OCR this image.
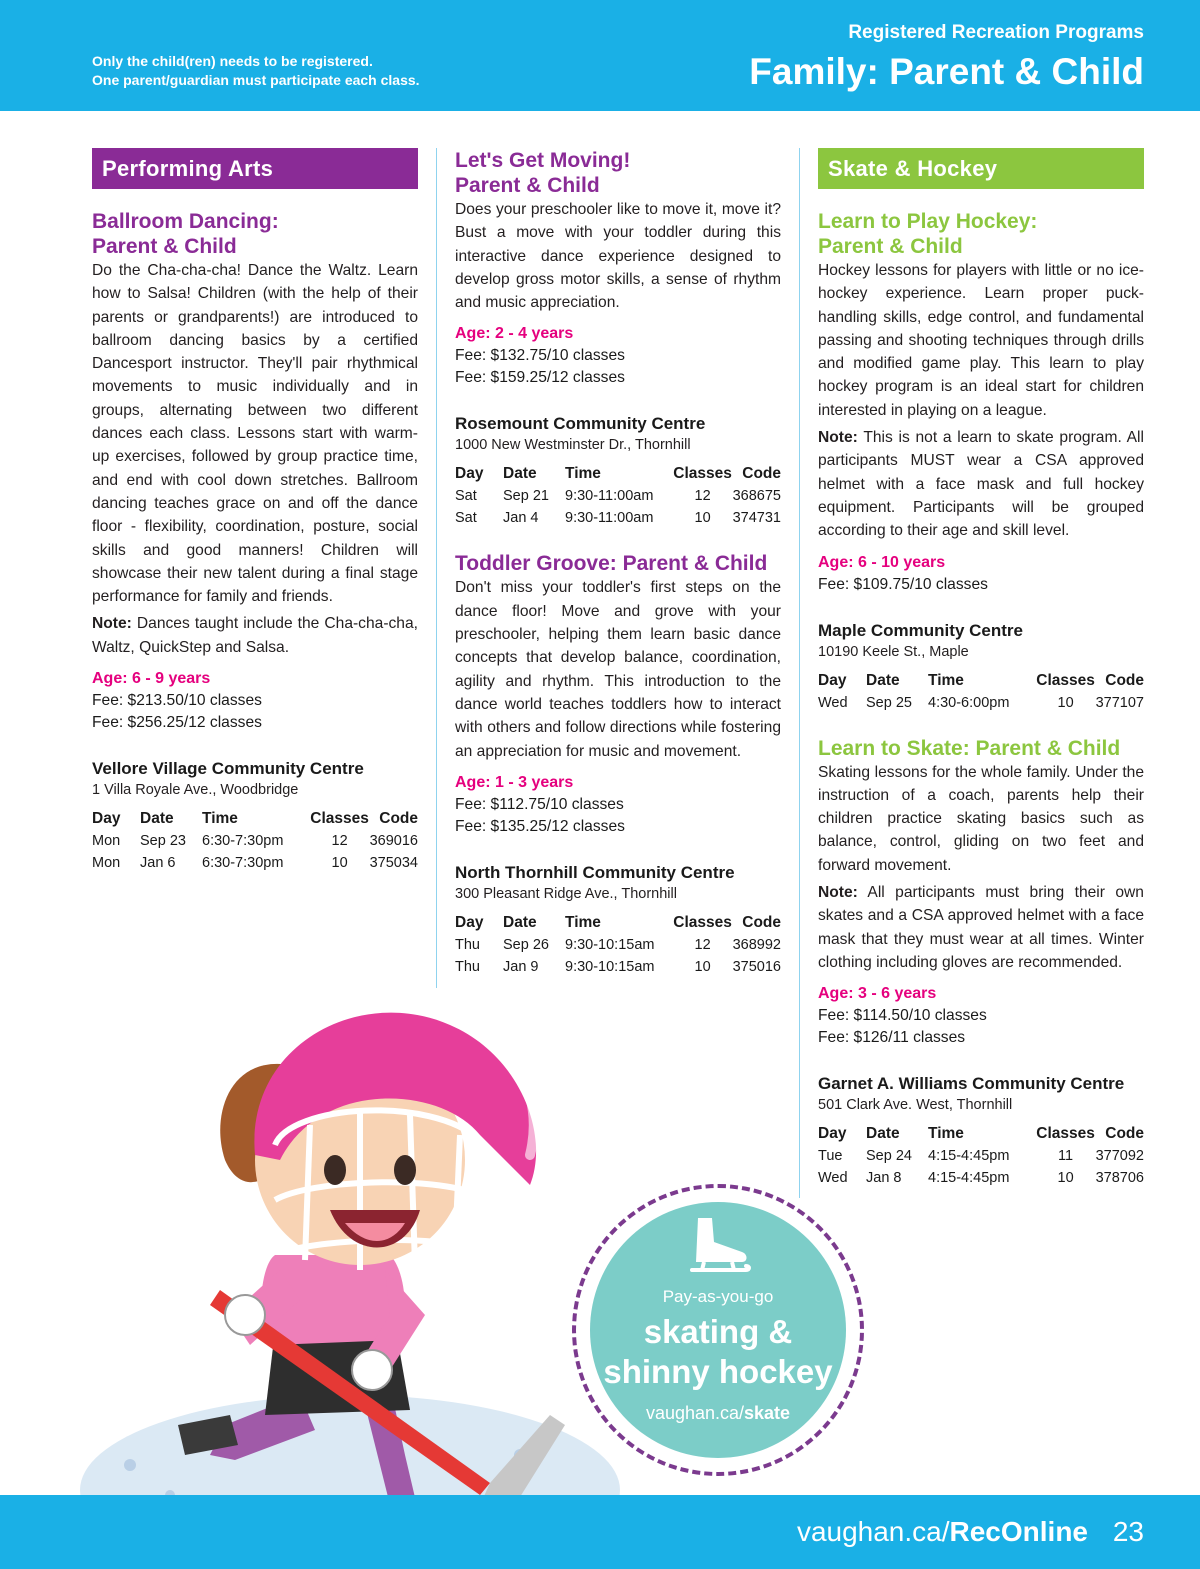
Only the child(ren) needs to be registered.
One parent/guardian must participate each class.
Registered Recreation Programs
Family: Parent & Child
Performing Arts
Ballroom Dancing:
Parent & Child
Do the Cha-cha-cha! Dance the Waltz. Learn how to Salsa! Children (with the help of their parents or grandparents!) are introduced to ballroom dancing basics by a certified Dancesport instructor. They'll pair rhythmical movements to music individually and in groups, alternating between two different dances each class. Lessons start with warm-up exercises, followed by group practice time, and end with cool down stretches. Ballroom dancing teaches grace on and off the dance floor - flexibility, coordination, posture, social skills and good manners! Children will showcase their new talent during a final stage performance for family and friends.
Note: Dances taught include the Cha-cha-cha, Waltz, QuickStep and Salsa.
Age: 6 - 9 years
Fee: $213.50/10 classes
Fee: $256.25/12 classes
Vellore Village Community Centre
1 Villa Royale Ave., Woodbridge
Day	Date	Time	Classes	Code
Mon	Sep 23	6:30-7:30pm	12	369016
Mon	Jan 6	6:30-7:30pm	10	375034
Let's Get Moving!
Parent & Child
Does your preschooler like to move it, move it? Bust a move with your toddler during this interactive dance experience designed to develop gross motor skills, a sense of rhythm and music appreciation.
Age: 2 - 4 years
Fee: $132.75/10 classes
Fee: $159.25/12 classes
Rosemount Community Centre
1000 New Westminster Dr., Thornhill
Day	Date	Time	Classes	Code
Sat	Sep 21	9:30-11:00am	12	368675
Sat	Jan 4	9:30-11:00am	10	374731
Toddler Groove: Parent & Child
Don't miss your toddler's first steps on the dance floor! Move and grove with your preschooler, helping them learn basic dance concepts that develop balance, coordination, agility and rhythm. This introduction to the dance world teaches toddlers how to interact with others and follow directions while fostering an appreciation for music and movement.
Age: 1 - 3 years
Fee: $112.75/10 classes
Fee: $135.25/12 classes
North Thornhill Community Centre
300 Pleasant Ridge Ave., Thornhill
Day	Date	Time	Classes	Code
Thu	Sep 26	9:30-10:15am	12	368992
Thu	Jan 9	9:30-10:15am	10	375016
Skate & Hockey
Learn to Play Hockey:
Parent & Child
Hockey lessons for players with little or no ice-hockey experience. Learn proper puck-handling skills, edge control, and fundamental passing and shooting techniques through drills and modified game play. This learn to play hockey program is an ideal start for children interested in playing on a league.
Note: This is not a learn to skate program. All participants MUST wear a CSA approved helmet with a face mask and full hockey equipment. Participants will be grouped according to their age and skill level.
Age: 6 - 10 years
Fee: $109.75/10 classes
Maple Community Centre
10190 Keele St., Maple
Day	Date	Time	Classes	Code
Wed	Sep 25	4:30-6:00pm	10	377107
Learn to Skate: Parent & Child
Skating lessons for the whole family. Under the instruction of a coach, parents help their children practice skating basics such as balance, control, gliding on two feet and forward movement.
Note: All participants must bring their own skates and a CSA approved helmet with a face mask that they must wear at all times. Winter clothing including gloves are recommended.
Age: 3 - 6 years
Fee: $114.50/10 classes
Fee: $126/11 classes
Garnet A. Williams Community Centre
501 Clark Ave. West, Thornhill
Day	Date	Time	Classes	Code
Tue	Sep 24	4:15-4:45pm	11	377092
Wed	Jan 8	4:15-4:45pm	10	378706
Pay-as-you-go
skating &
shinny hockey
vaughan.ca/skate
vaughan.ca/RecOnline 23
